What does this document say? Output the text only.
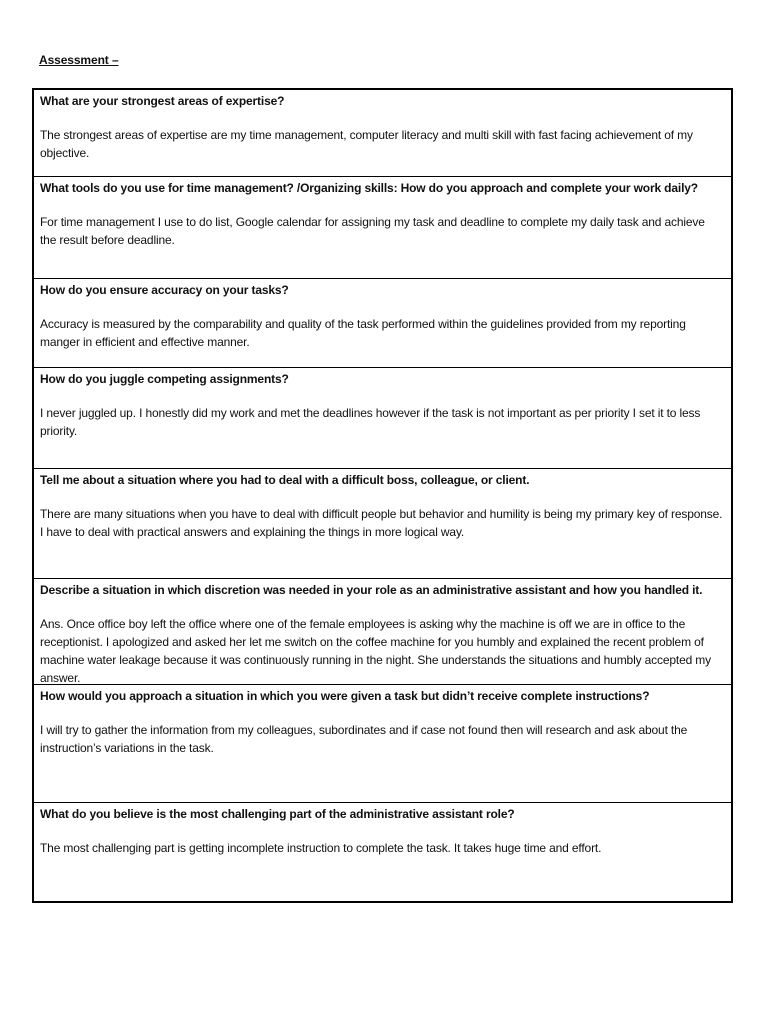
Assessment –

What are your strongest areas of expertise?

The strongest areas of expertise are my time management, computer literacy and multi skill with fast facing achievement of my objective.

What tools do you use for time management? /Organizing skills: How do you approach and complete your work daily?

For time management I use to do list, Google calendar for assigning my task and deadline to complete my daily task and achieve the result before deadline.

How do you ensure accuracy on your tasks?

Accuracy is measured by the comparability and quality of the task performed within the guidelines provided from my reporting manger in efficient and effective manner.

How do you juggle competing assignments?

I never juggled up. I honestly did my work and met the deadlines however if the task is not important as per priority I set it to less priority.

Tell me about a situation where you had to deal with a difficult boss, colleague, or client.

There are many situations when you have to deal with difficult people but behavior and humility is being my primary key of response. I have to deal with practical answers and explaining the things in more logical way.

Describe a situation in which discretion was needed in your role as an administrative assistant and how you handled it.

Ans. Once office boy left the office where one of the female employees is asking why the machine is off we are in office to the receptionist. I apologized and asked her let me switch on the coffee machine for you humbly and explained the recent problem of machine water leakage because it was continuously running in the night. She understands the situations and humbly accepted my answer.

How would you approach a situation in which you were given a task but didn’t receive complete instructions?

I will try to gather the information from my colleagues, subordinates and if case not found then will research and ask about the instruction’s variations in the task.

What do you believe is the most challenging part of the administrative assistant role?

The most challenging part is getting incomplete instruction to complete the task. It takes huge time and effort.
